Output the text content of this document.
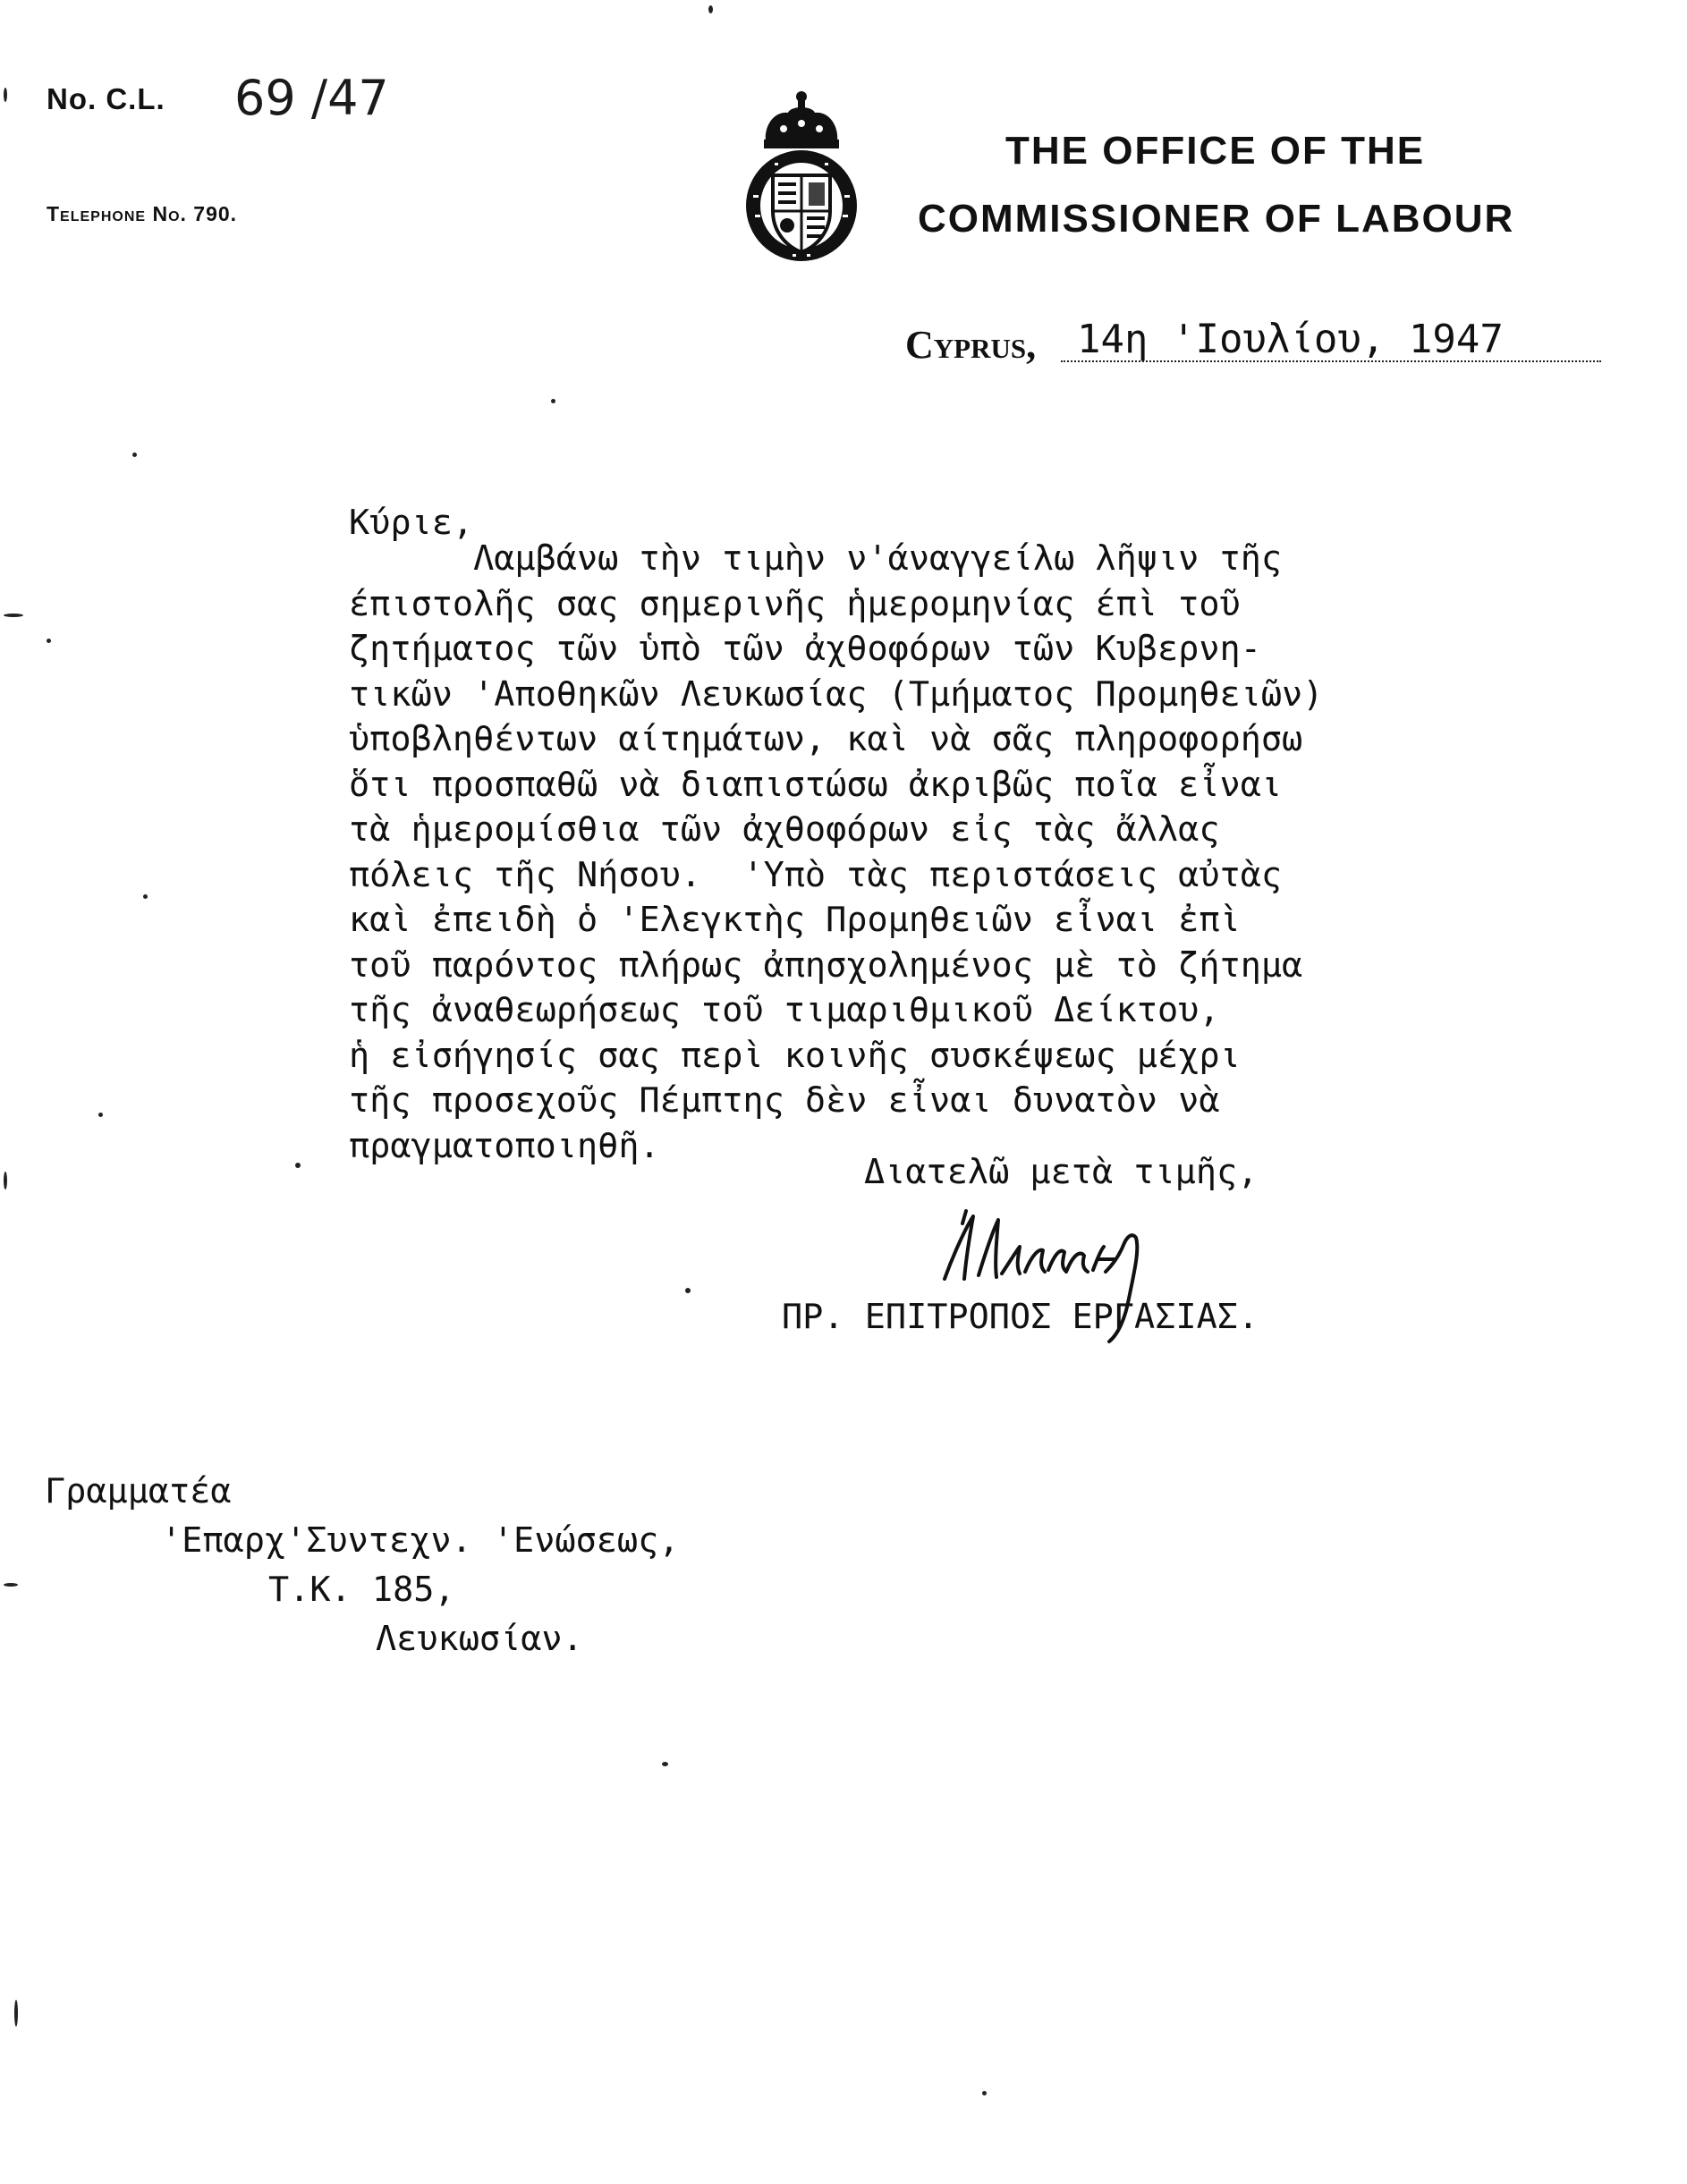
No. C.L. 69 /47
Telephone No. 790.
THE OFFICE OF THE
COMMISSIONER OF LABOUR
Cyprus, 14η 'Ιουλίου, 1947
Κύριε,
Λαμβάνω τὴν τιμὴν ν'άναγγείλω λῆψιν τῆς
έπιστολῆς σας σημερινῆς ἡμερομηνίας έπὶ τοῦ
ζητήματος τῶν ὑπὸ τῶν ἀχθοφόρων τῶν Κυβερνη-
τικῶν 'Αποθηκῶν Λευκωσίας (Τμήματος Προμηθειῶν)
ὑποβληθέντων αίτημάτων, καὶ νὰ σᾶς πληροφορήσω
ὅτι προσπαθῶ νὰ διαπιστώσω ἀκριβῶς ποῖα εἶναι
τὰ ἡμερομίσθια τῶν ἀχθοφόρων εἰς τὰς ἄλλας
πόλεις τῆς Νήσου.  'Υπὸ τὰς περιστάσεις αὐτὰς
καὶ ἐπειδὴ ὁ 'Ελεγκτὴς Προμηθειῶν εἶναι ἐπὶ
τοῦ παρόντος πλήρως ἀπησχολημένος μὲ τὸ ζήτημα
τῆς ἀναθεωρήσεως τοῦ τιμαριθμικοῦ Δείκτου,
ἡ εἰσήγησίς σας περὶ κοινῆς συσκέψεως μέχρι
τῆς προσεχοῦς Πέμπτης δὲν εἶναι δυνατὸν νὰ
πραγματοποιηθῆ.
Διατελῶ μετὰ τιμῆς,
ΠΡ. ΕΠΙΤΡΟΠΟΣ ΕΡΓΑΣΙΑΣ.
Γραμματέα
'Επαρχ'Συντεχν. 'Ενώσεως,
Τ.Κ. 185,
Λευκωσίαν.
